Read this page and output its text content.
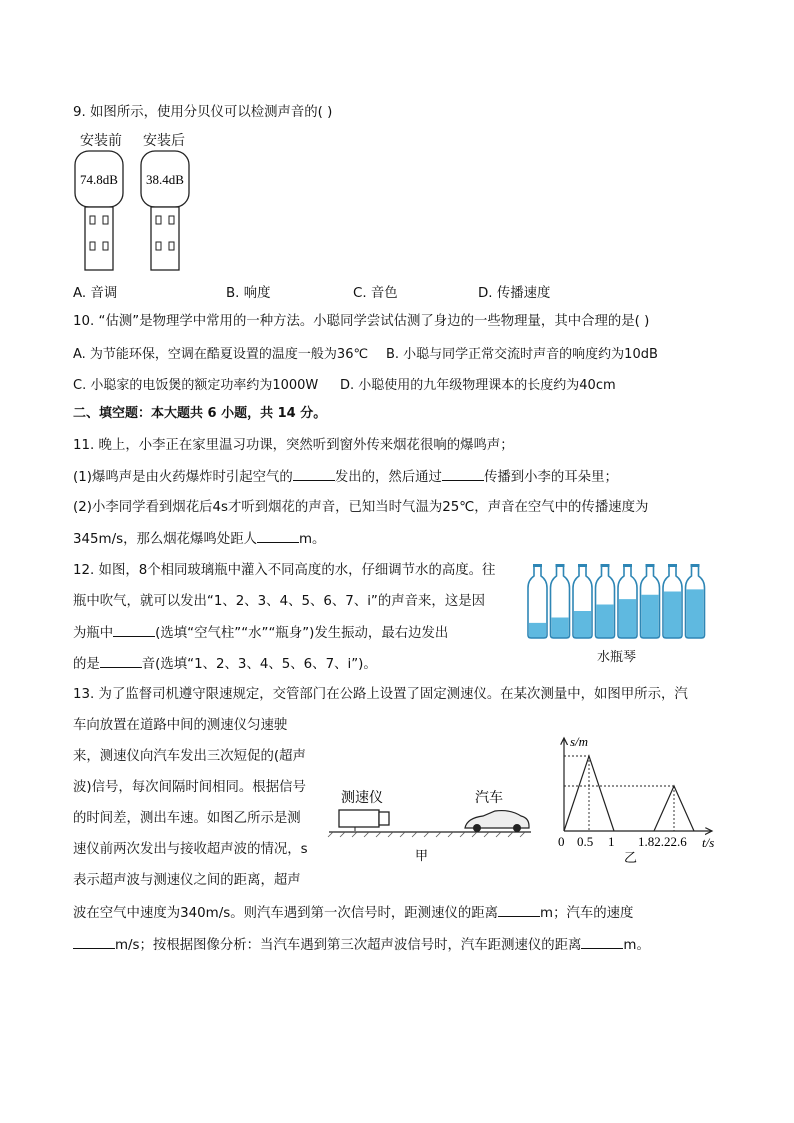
9. 如图所示，使用分贝仪可以检测声音的( )
安装前 安装后
74.8dB 38.4dB
A. 音调	B. 响度	C. 音色	D. 传播速度
10. “估测”是物理学中常用的一种方法。小聪同学尝试估测了身边的一些物理量，其中合理的是( )
A. 为节能环保，空调在酷夏设置的温度一般为36℃ B. 小聪与同学正常交流时声音的响度约为10dB
C. 小聪家的电饭煲的额定功率约为1000W D. 小聪使用的九年级物理课本的长度约为40cm
二、填空题：本大题共 6 小题，共 14 分。
11. 晚上，小李正在家里温习功课，突然听到窗外传来烟花很响的爆鸣声；
(1)爆鸣声是由火药爆炸时引起空气的	发出的，然后通过	传播到小李的耳朵里；
(2)小李同学看到烟花后4s才听到烟花的声音，已知当时气温为25℃，声音在空气中的传播速度为
345m/s，那么烟花爆鸣处距人	m。
12. 如图，8个相同玻璃瓶中灌入不同高度的水，仔细调节水的高度。往
瓶中吹气，就可以发出“1、2、3、4、5、6、7、i”的声音来，这是因
为瓶中	(选填“空气柱”“水”“瓶身”)发生振动，最右边发出
的是	音(选填“1、2、3、4、5、6、7、i”)。	水瓶琴
13. 为了监督司机遵守限速规定，交管部门在公路上设置了固定测速仪。在某次测量中，如图甲所示，汽
车向放置在道路中间的测速仪匀速驶
来，测速仪向汽车发出三次短促的(超声
波)信号，每次间隔时间相同。根据信号
的时间差，测出车速。如图乙所示是测
速仪前两次发出与接收超声波的情况，s
表示超声波与测速仪之间的距离，超声
波在空气中速度为340m/s。则汽车遇到第一次信号时，距测速仪的距离	m；汽车的速度
m/s；按根据图像分析：当汽车遇到第三次超声波信号时，汽车距测速仪的距离	m。
测速仪	汽车
甲
s/m
t/s
0 0.5 1 1.82.22.6
乙
